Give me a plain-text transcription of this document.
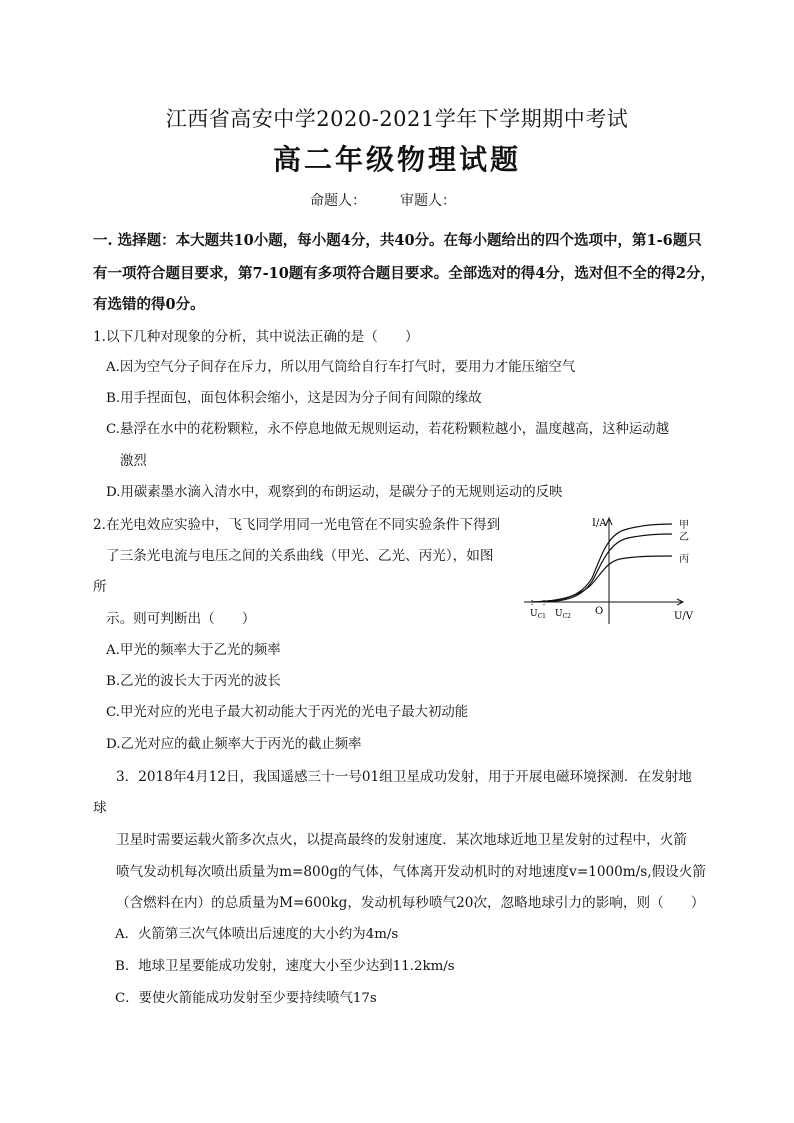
江西省高安中学2020-2021学年下学期期中考试
高二年级物理试题
命题人： 审题人：
一. 选择题：本大题共10小题，每小题4分，共40分。在每小题给出的四个选项中，第1-6题只
有一项符合题目要求，第7-10题有多项符合题目要求。全部选对的得4分，选对但不全的得2分，
有选错的得0分。
1.以下几种对现象的分析，其中说法正确的是（　　）
A.因为空气分子间存在斥力，所以用气筒给自行车打气时，要用力才能压缩空气
B.用手捏面包，面包体积会缩小，这是因为分子间有间隙的缘故
C.悬浮在水中的花粉颗粒，永不停息地做无规则运动，若花粉颗粒越小，温度越高，这种运动越
激烈
D.用碳素墨水滴入清水中，观察到的布朗运动，是碳分子的无规则运动的反映
2.在光电效应实验中，飞飞同学用同一光电管在不同实验条件下得到
了三条光电流与电压之间的关系曲线（甲光、乙光、丙光），如图
所
示。则可判断出（　　）
A.甲光的频率大于乙光的频率
B.乙光的波长大于丙光的波长
C.甲光对应的光电子最大初动能大于丙光的光电子最大初动能
D.乙光对应的截止频率大于丙光的截止频率
I/A
U/V
O
$U_{C1}$ $U_{C2}$
甲
乙
丙
3．2018年4月12日，我国遥感三十一号01组卫星成功发射，用于开展电磁环境探测．在发射地
球
卫星时需要运载火箭多次点火，以提高最终的发射速度．某次地球近地卫星发射的过程中，火箭
喷气发动机每次喷出质量为m=800g的气体，气体离开发动机时的对地速度v=1000m/s,假设火箭
（含燃料在内）的总质量为M=600kg，发动机每秒喷气20次，忽略地球引力的影响，则（　　）
A．火箭第三次气体喷出后速度的大小约为4m/s
B．地球卫星要能成功发射，速度大小至少达到11.2km/s
C．要使火箭能成功发射至少要持续喷气17s
